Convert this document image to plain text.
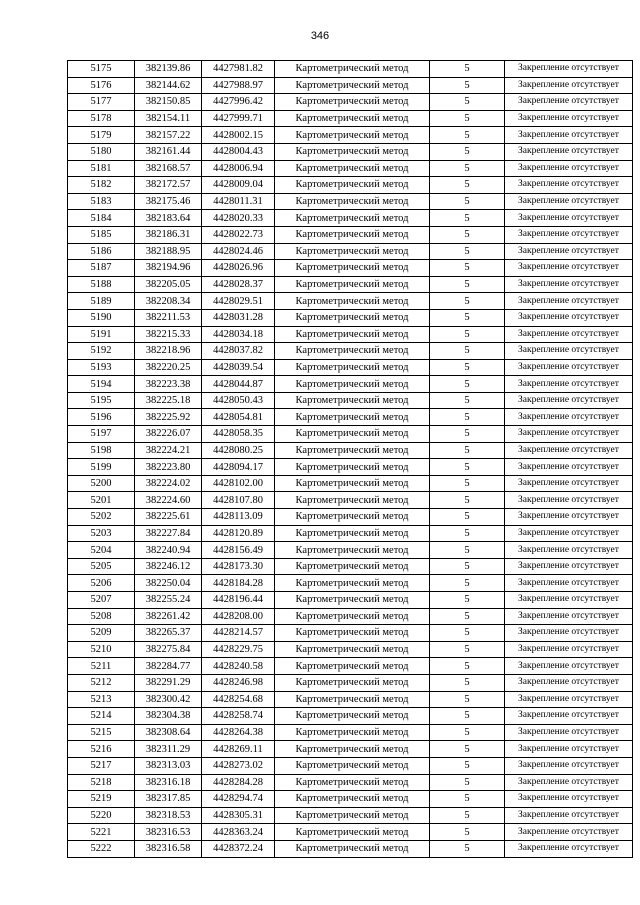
346
5175	382139.86	4427981.82	Картометрический метод	5	Закрепление отсутствует
5176	382144.62	4427988.97	Картометрический метод	5	Закрепление отсутствует
5177	382150.85	4427996.42	Картометрический метод	5	Закрепление отсутствует
5178	382154.11	4427999.71	Картометрический метод	5	Закрепление отсутствует
5179	382157.22	4428002.15	Картометрический метод	5	Закрепление отсутствует
5180	382161.44	4428004.43	Картометрический метод	5	Закрепление отсутствует
5181	382168.57	4428006.94	Картометрический метод	5	Закрепление отсутствует
5182	382172.57	4428009.04	Картометрический метод	5	Закрепление отсутствует
5183	382175.46	4428011.31	Картометрический метод	5	Закрепление отсутствует
5184	382183.64	4428020.33	Картометрический метод	5	Закрепление отсутствует
5185	382186.31	4428022.73	Картометрический метод	5	Закрепление отсутствует
5186	382188.95	4428024.46	Картометрический метод	5	Закрепление отсутствует
5187	382194.96	4428026.96	Картометрический метод	5	Закрепление отсутствует
5188	382205.05	4428028.37	Картометрический метод	5	Закрепление отсутствует
5189	382208.34	4428029.51	Картометрический метод	5	Закрепление отсутствует
5190	382211.53	4428031.28	Картометрический метод	5	Закрепление отсутствует
5191	382215.33	4428034.18	Картометрический метод	5	Закрепление отсутствует
5192	382218.96	4428037.82	Картометрический метод	5	Закрепление отсутствует
5193	382220.25	4428039.54	Картометрический метод	5	Закрепление отсутствует
5194	382223.38	4428044.87	Картометрический метод	5	Закрепление отсутствует
5195	382225.18	4428050.43	Картометрический метод	5	Закрепление отсутствует
5196	382225.92	4428054.81	Картометрический метод	5	Закрепление отсутствует
5197	382226.07	4428058.35	Картометрический метод	5	Закрепление отсутствует
5198	382224.21	4428080.25	Картометрический метод	5	Закрепление отсутствует
5199	382223.80	4428094.17	Картометрический метод	5	Закрепление отсутствует
5200	382224.02	4428102.00	Картометрический метод	5	Закрепление отсутствует
5201	382224.60	4428107.80	Картометрический метод	5	Закрепление отсутствует
5202	382225.61	4428113.09	Картометрический метод	5	Закрепление отсутствует
5203	382227.84	4428120.89	Картометрический метод	5	Закрепление отсутствует
5204	382240.94	4428156.49	Картометрический метод	5	Закрепление отсутствует
5205	382246.12	4428173.30	Картометрический метод	5	Закрепление отсутствует
5206	382250.04	4428184.28	Картометрический метод	5	Закрепление отсутствует
5207	382255.24	4428196.44	Картометрический метод	5	Закрепление отсутствует
5208	382261.42	4428208.00	Картометрический метод	5	Закрепление отсутствует
5209	382265.37	4428214.57	Картометрический метод	5	Закрепление отсутствует
5210	382275.84	4428229.75	Картометрический метод	5	Закрепление отсутствует
5211	382284.77	4428240.58	Картометрический метод	5	Закрепление отсутствует
5212	382291.29	4428246.98	Картометрический метод	5	Закрепление отсутствует
5213	382300.42	4428254.68	Картометрический метод	5	Закрепление отсутствует
5214	382304.38	4428258.74	Картометрический метод	5	Закрепление отсутствует
5215	382308.64	4428264.38	Картометрический метод	5	Закрепление отсутствует
5216	382311.29	4428269.11	Картометрический метод	5	Закрепление отсутствует
5217	382313.03	4428273.02	Картометрический метод	5	Закрепление отсутствует
5218	382316.18	4428284.28	Картометрический метод	5	Закрепление отсутствует
5219	382317.85	4428294.74	Картометрический метод	5	Закрепление отсутствует
5220	382318.53	4428305.31	Картометрический метод	5	Закрепление отсутствует
5221	382316.53	4428363.24	Картометрический метод	5	Закрепление отсутствует
5222	382316.58	4428372.24	Картометрический метод	5	Закрепление отсутствует
